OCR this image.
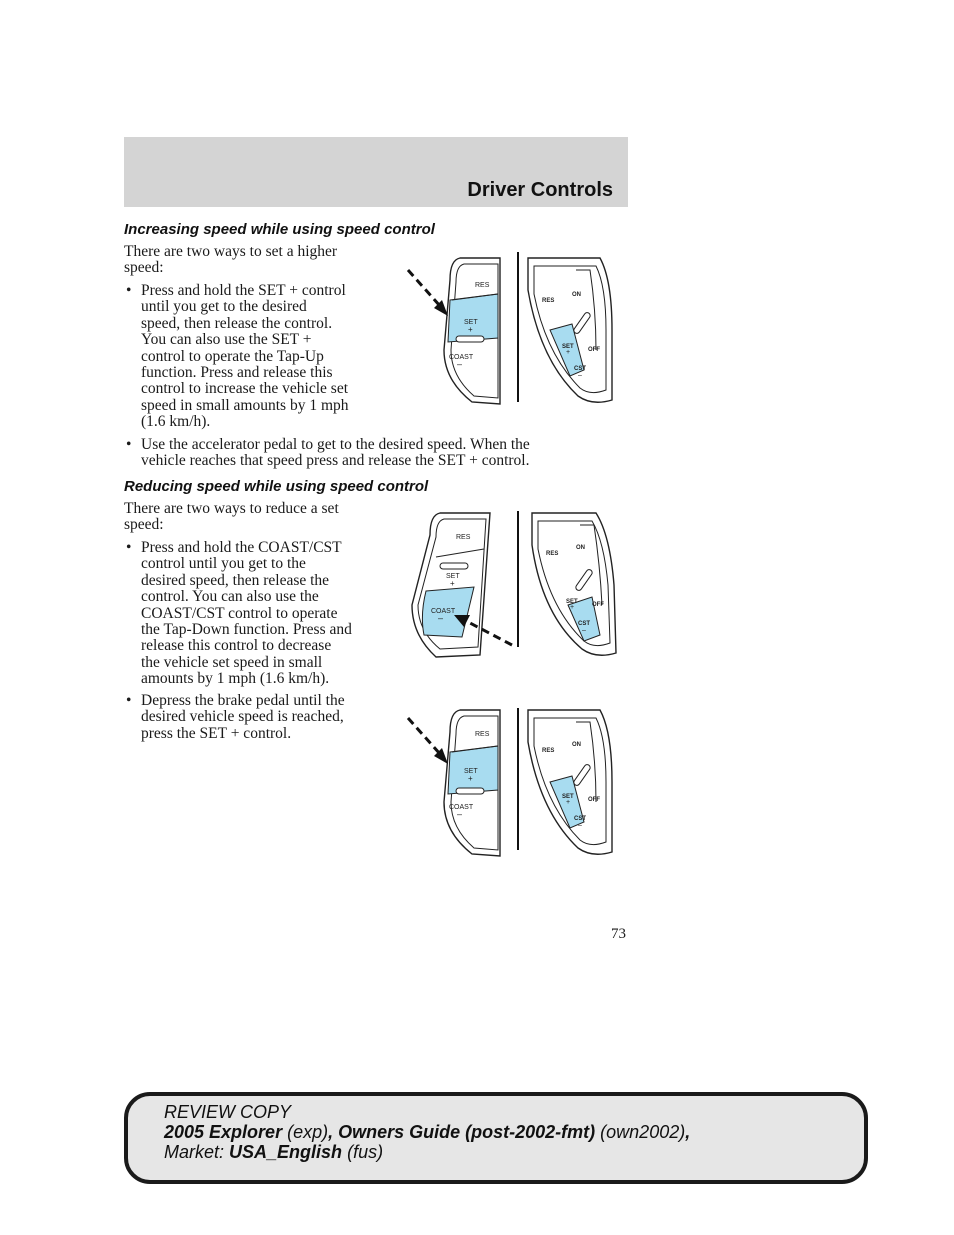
Driver Controls
Increasing speed while using speed control
There are two ways to set a higher
speed:
• Press and hold the SET + control
until you get to the desired
speed, then release the control.
You can also use the SET +
control to operate the Tap-Up
function. Press and release this
control to increase the vehicle set
speed in small amounts by 1 mph
(1.6 km/h).
• Use the accelerator pedal to get to the desired speed. When the
vehicle reaches that speed press and release the SET + control.
Reducing speed while using speed control
There are two ways to reduce a set
speed:
• Press and hold the COAST/CST
control until you get to the
desired speed, then release the
control. You can also use the
COAST/CST control to operate
the Tap-Down function. Press and
release this control to decrease
the vehicle set speed in small
amounts by 1 mph (1.6 km/h).
• Depress the brake pedal until the
desired vehicle speed is reached,
press the SET + control.
RES
SET
+
COAST
–
RES
ON
SET
+	OFF
CST
–
RES
SET
+
COAST
–
RES
ON
SET
+	OFF
CST
–
RES
SET
+
COAST
–
RES
ON
SET
+	OFF
CST
–
73
REVIEW COPY
2005 Explorer (exp), Owners Guide (post-2002-fmt) (own2002),
Market: USA_English (fus)
